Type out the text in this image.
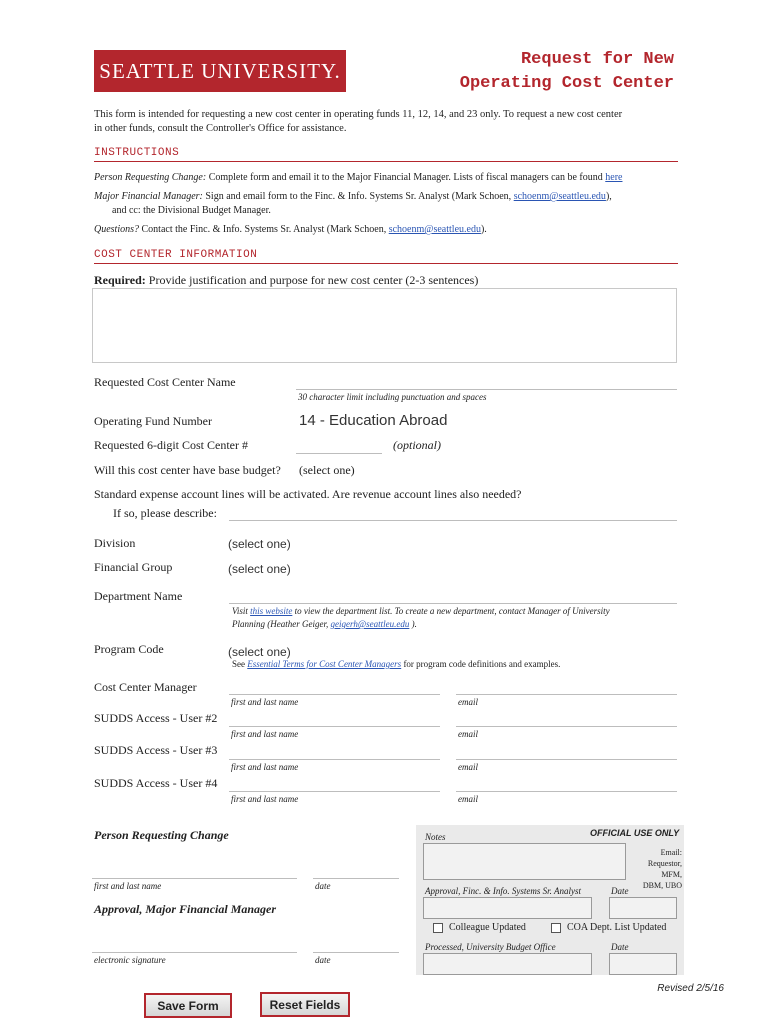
SEATTLE UNIVERSITY.	Request for New
Operating Cost Center
This form is intended for requesting a new cost center in operating funds 11, 12, 14, and 23 only. To request a new cost center
in other funds, consult the Controller's Office for assistance.
INSTRUCTIONS
Person Requesting Change: Complete form and email it to the Major Financial Manager. Lists of fiscal managers can be found here
Major Financial Manager: Sign and email form to the Finc. & Info. Systems Sr. Analyst (Mark Schoen, schoenm@seattleu.edu),
and cc: the Divisional Budget Manager.
Questions? Contact the Finc. & Info. Systems Sr. Analyst (Mark Schoen, schoenm@seattleu.edu).
COST CENTER INFORMATION
Required: Provide justification and purpose for new cost center (2-3 sentences)
Requested Cost Center Name
30 character limit including punctuation and spaces
Operating Fund Number	14 - Education Abroad
Requested 6-digit Cost Center #	(optional)
Will this cost center have base budget? (select one)
Standard expense account lines will be activated. Are revenue account lines also needed?
If so, please describe:
Division	(select one)
Financial Group	(select one)
Department Name
Visit this website to view the department list. To create a new department, contact Manager of University
Planning (Heather Geiger, geigerh@seattleu.edu ).
Program Code	(select one)
See Essential Terms for Cost Center Managers for program code definitions and examples.
Cost Center Manager
first and last name	email
SUDDS Access - User #2
first and last name	email
SUDDS Access - User #3
first and last name	email
SUDDS Access - User #4
first and last name	email
Person Requesting Change
first and last name	date
Approval, Major Financial Manager
electronic signature	date
OFFICIAL USE ONLY
Notes
Email:
Requestor, MFM,
DBM, UBO
Approval, Finc. & Info. Systems Sr. Analyst	Date
Colleague Updated	COA Dept. List Updated
Processed, University Budget Office	Date
Save Form	Reset Fields
Revised 2/5/16
